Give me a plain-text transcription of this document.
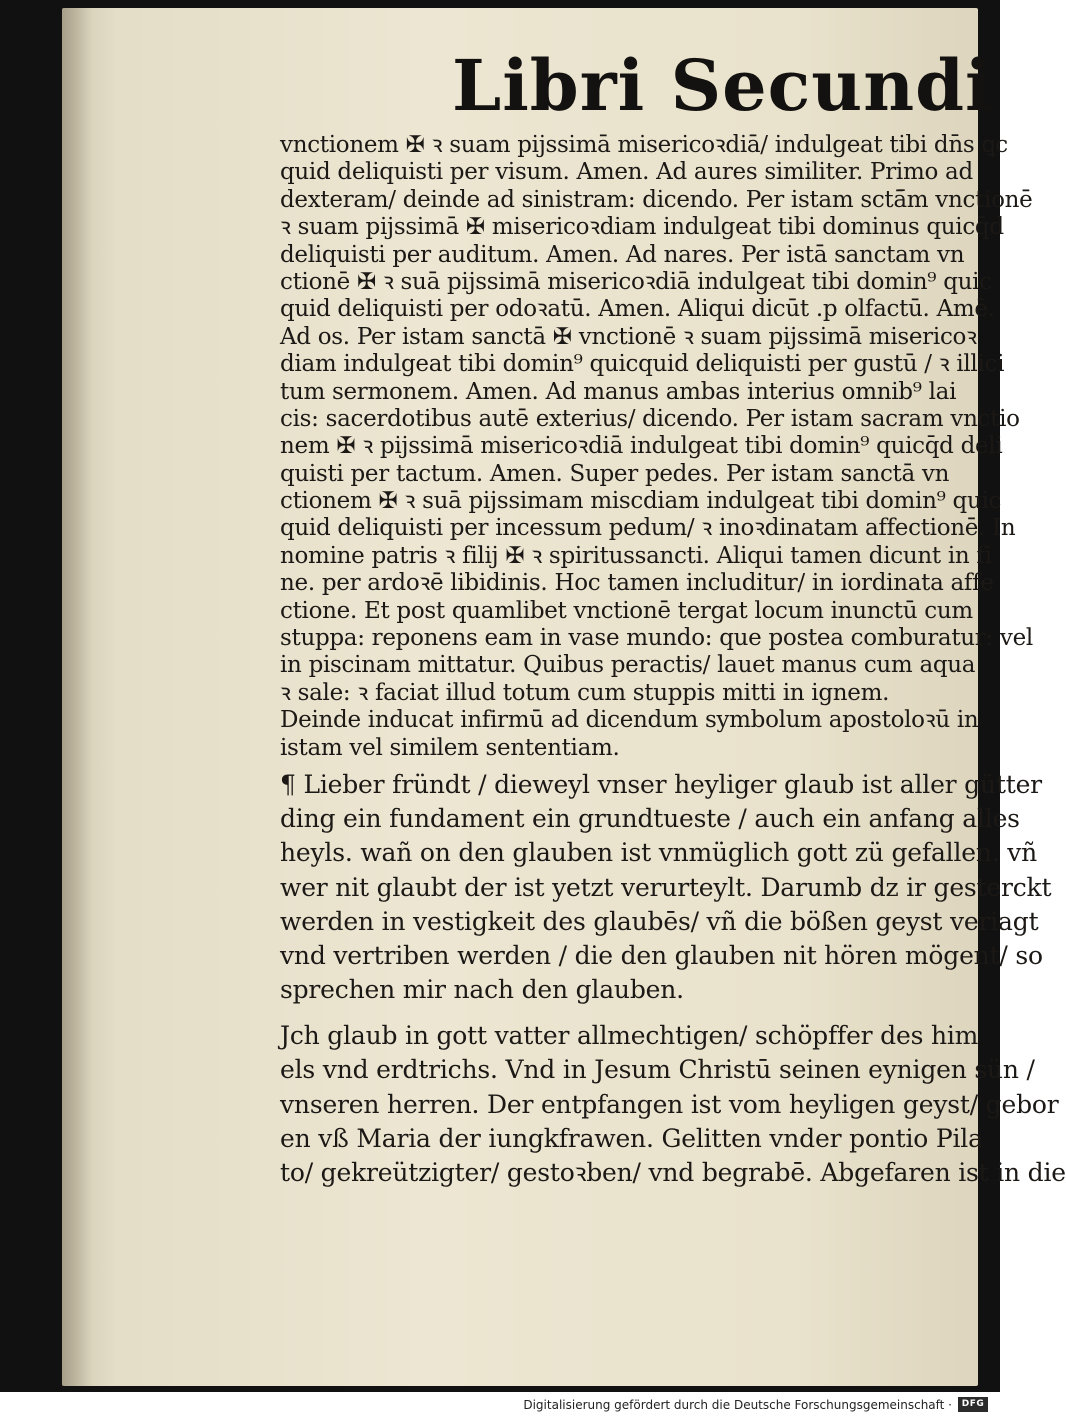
Libri Secundi
vnctionem ✠ ꝛ suam pijssimā misericoꝛdiā/ indulgeat tibi dn̄s ꝗc
quid deliquisti per visum. Amen. Ad aures similiter. Primo ad
dexteram/ deinde ad sinistram: dicendo. Per istam sctā̄m vnctionē
ꝛ suam pijssimā ✠ misericoꝛdiam indulgeat tibi dominus quicq̄d
deliquisti per auditum. Amen. Ad nares. Per istā sanctam vn
ctionē ✠ ꝛ suā pijssimā misericoꝛdiā indulgeat tibi domin⁹ quic
quid deliquisti per odoꝛatū. Amen. Aliqui dicūt .p olfactū. Amē.
Ad os. Per istam sanctā ✠ vnctionē ꝛ suam pijssimā misericoꝛ
diam indulgeat tibi domin⁹ quicquid deliquisti per gustū / ꝛ illici
tum sermonem. Amen. Ad manus ambas interius omnib⁹ lai
cis: sacerdotibus autē exterius/ dicendo. Per istam sacram vnctio
nem ✠ ꝛ pijssimā misericoꝛdiā indulgeat tibi domin⁹ quicq̄d deli
quisti per tactum. Amen. Super pedes. Per istam sanctā vn
ctionem ✠ ꝛ suā pijssimam miscdiam indulgeat tibi domin⁹ quic
quid deliquisti per incessum pedum/ ꝛ inoꝛdinatam affectionē. In
nomine patris ꝛ filij ✠ ꝛ spiritussancti. Aliqui tamen dicunt in fi
ne. per ardoꝛē libidinis. Hoc tamen includitur/ in iordinata affe
ctione. Et post quamlibet vnctionē tergat locum inunctū cum
stuppa: reponens eam in vase mundo: que postea comburatur: vel
in piscinam mittatur. Quibus peractis/ lauet manus cum aqua
ꝛ sale: ꝛ faciat illud totum cum stuppis mitti in ignem.
Deinde inducat infirmū ad dicendum symbolum apostoloꝛū in
istam vel similem sententiam.
¶ Lieber fründt / dieweyl vnser heyliger glaub ist aller gütter
ding ein fundament ein grundtueste / auch ein anfang alles
heyls. wañ on den glauben ist vnmüglich gott zü gefallen. vñ
wer nit glaubt der ist yetzt verurteylt. Darumb dz ir gesterckt
werden in vestigkeit des glaubēs/ vñ die bößen geyst veriagt
vnd vertriben werden / die den glauben nit hören mögent/ so
sprechen mir nach den glauben.
Jch glaub in gott vatter allmechtigen/ schöpffer des him
els vnd erdtrichs. Vnd in Jesum Christū seinen eynigen sün /
vnseren herren. Der entpfangen ist vom heyligen geyst/ gebor
en vß Maria der iungkfrawen. Gelitten vnder pontio Pila
to/ gekreützigter/ gestoꝛben/ vnd begrabē. Abgefaren ist in die
Digitalisierung gefördert durch die Deutsche Forschungsgemeinschaft ·	DFG
